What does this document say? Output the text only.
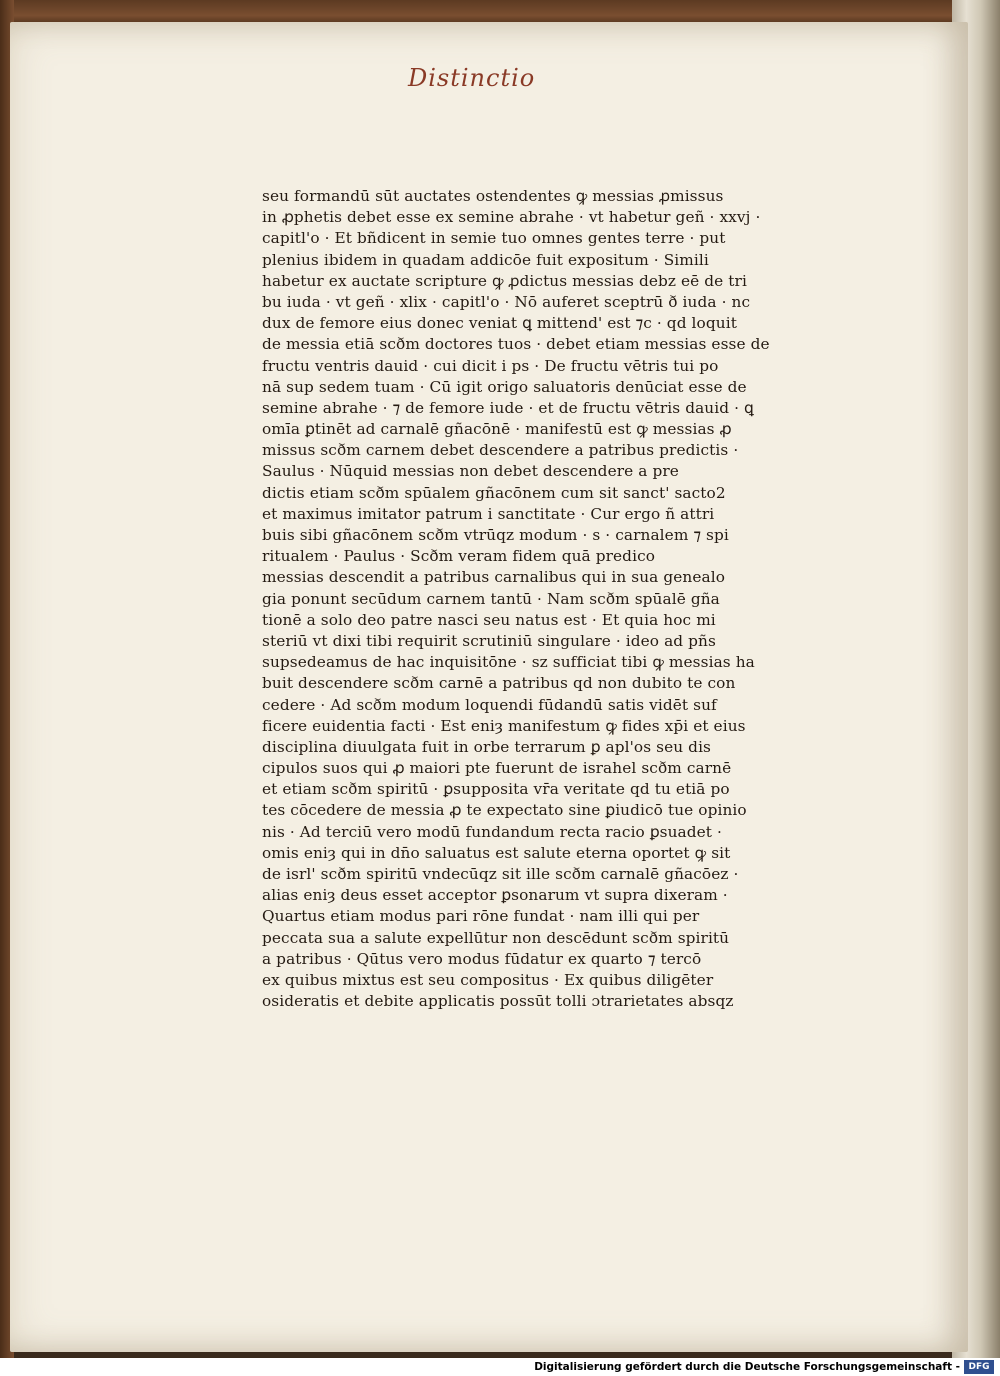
Distinctio
seu formandū sūt auctates ostendentes ꝙ messias ꝓmissus
in ꝓphetis debet esse ex semine abrahe · vt habetur geñ · xxvj ·
capitl'o · Et bñdicent in semie tuo omnes gentes terre · put
plenius ibidem in quadam addicōe fuit expositum · Simili
habetur ex auctate scripture ꝙ ꝓdictus messias debz eē de tri
bu iuda · vt geñ · xlix · capitl'o · Nō auferet sceptrū ð iuda · nc
dux de femore eius donec veniat ꝗ mittend' est ⁊c · qd loquit
de messia etiā scðm doctores tuos · debet etiam messias esse de
fructu ventris dauid · cui dicit i ps · De fructu vētris tui po
nā sup sedem tuam · Cū igit origo saluatoris denūciat esse de
semine abrahe · ⁊ de femore iude · et de fructu vētris dauid · ꝗ
omīa ꝑtinēt ad carnalē gñacōnē · manifestū est ꝙ messias ꝓ
missus scðm carnem debet descendere a patribus predictis ·
Saulus · Nūquid messias non debet descendere a pre
dictis etiam scðm spūalem gñacōnem cum sit sanct' sacto2
et maximus imitator patrum i sanctitate · Cur ergo ñ attri
buis sibi gñacōnem scðm vtrūqz modum · s · carnalem ⁊ spi
ritualem · Paulus · Scðm veram fidem quā predico
messias descendit a patribus carnalibus qui in sua genealo
gia ponunt secūdum carnem tantū · Nam scðm spūalē gña
tionē a solo deo patre nasci seu natus est · Et quia hoc mi
steriū vt dixi tibi requirit scrutiniū singulare · ideo ad pñs
supsedeamus de hac inquisitōne · sz sufficiat tibi ꝙ messias ha
buit descendere scðm carnē a patribus qd non dubito te con
cedere · Ad scðm modum loquendi fūdandū satis vidēt suf
ficere euidentia facti · Est eniȝ manifestum ꝙ fides xp̄i et eius
disciplina diuulgata fuit in orbe terrarum ꝑ apl'os seu dis
cipulos suos qui ꝓ maiori pte fuerunt de israhel scðm carnē
et etiam scðm spiritū · ꝑsupposita vr̄a veritate qd tu etiā po
tes cōcedere de messia ꝓ te expectato sine ꝑiudicō tue opinio
nis · Ad terciū vero modū fundandum recta racio ꝑsuadet ·
omis eniȝ qui in dn̄o saluatus est salute eterna oportet ꝙ sit
de isrl' scðm spiritū vndecūqz sit ille scðm carnalē gñacōez ·
alias eniȝ deus esset acceptor ꝑsonarum vt supra dixeram ·
Quartus etiam modus pari rōne fundat · nam illi qui per
peccata sua a salute expellūtur non descēdunt scðm spiritū
a patribus · Qūtus vero modus fūdatur ex quarto ⁊ tercō
ex quibus mixtus est seu compositus · Ex quibus diligēter
osideratis et debite applicatis possūt tolli ɔtrarietates absqz
Digitalisierung gefördert durch die Deutsche Forschungsgemeinschaft - DFG
